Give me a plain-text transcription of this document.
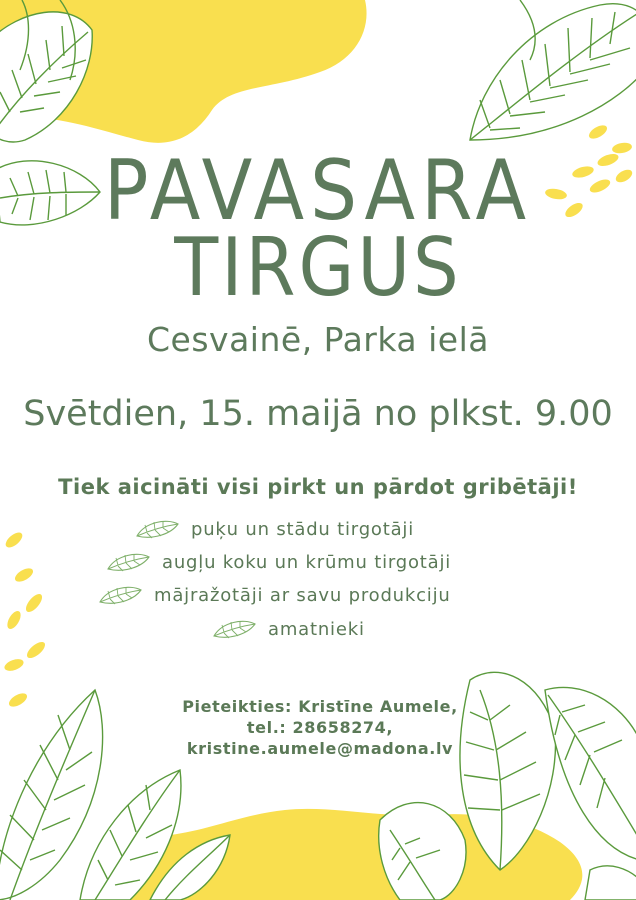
PAVASARA
TIRGUS
Cesvainē, Parka ielā
Svētdien, 15. maijā no plkst. 9.00
Tiek aicināti visi pirkt un pārdot gribētāji!
puķu un stādu tirgotāji
augļu koku un krūmu tirgotāji
mājražotāji ar savu produkciju
amatnieki
Pieteikties: Kristīne Aumele,
tel.: 28658274,
kristine.aumele@madona.lv
